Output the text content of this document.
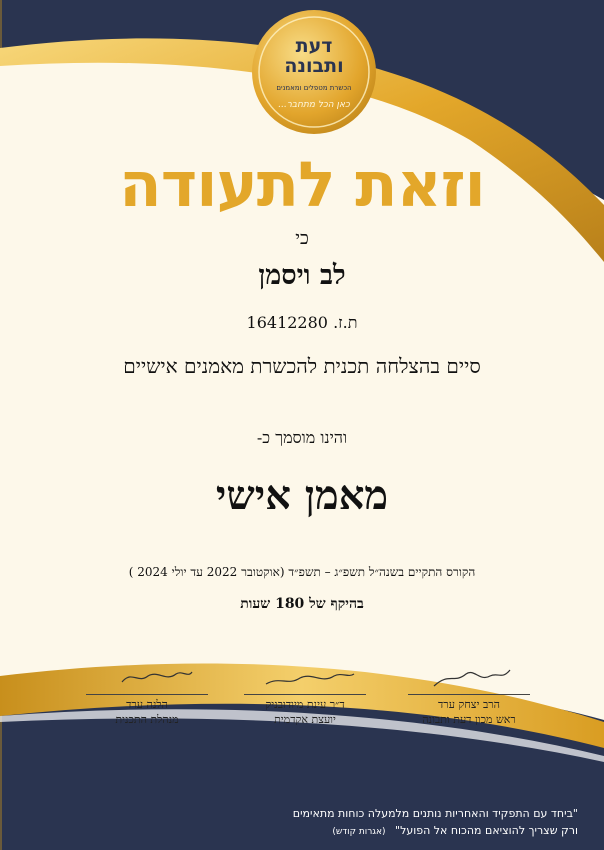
דעת
ותבונה
הכשרת מטפלים ומאמנים
כאן הכל מתחבר...
וזאת לתעודה
כי
לב ויסמן
ת.ז. 16412280
סיים בהצלחה תכנית להכשרת מאמנים אישיים
והינו מוסמך כ-
מאמן אישי
הקורס התקיים בשנה״ל תשפ״ג – תשפ״ד (אוקטובר 2022 עד יולי 2024 )
בהיקף של 180 שעות
הרב יצחק ערד
ראש מכון דעת ותבונה
ד״ר עינת מיודובניק
יועצת אקדמית
הלנה ערד
מנהלת התכנית
"ביחד עם התפקיד והאחריות נותנים מלמעלה כוחות מתאימים
ורק שצריך להוציאם מהכוח אל הפועל" (אגרות קודש)
